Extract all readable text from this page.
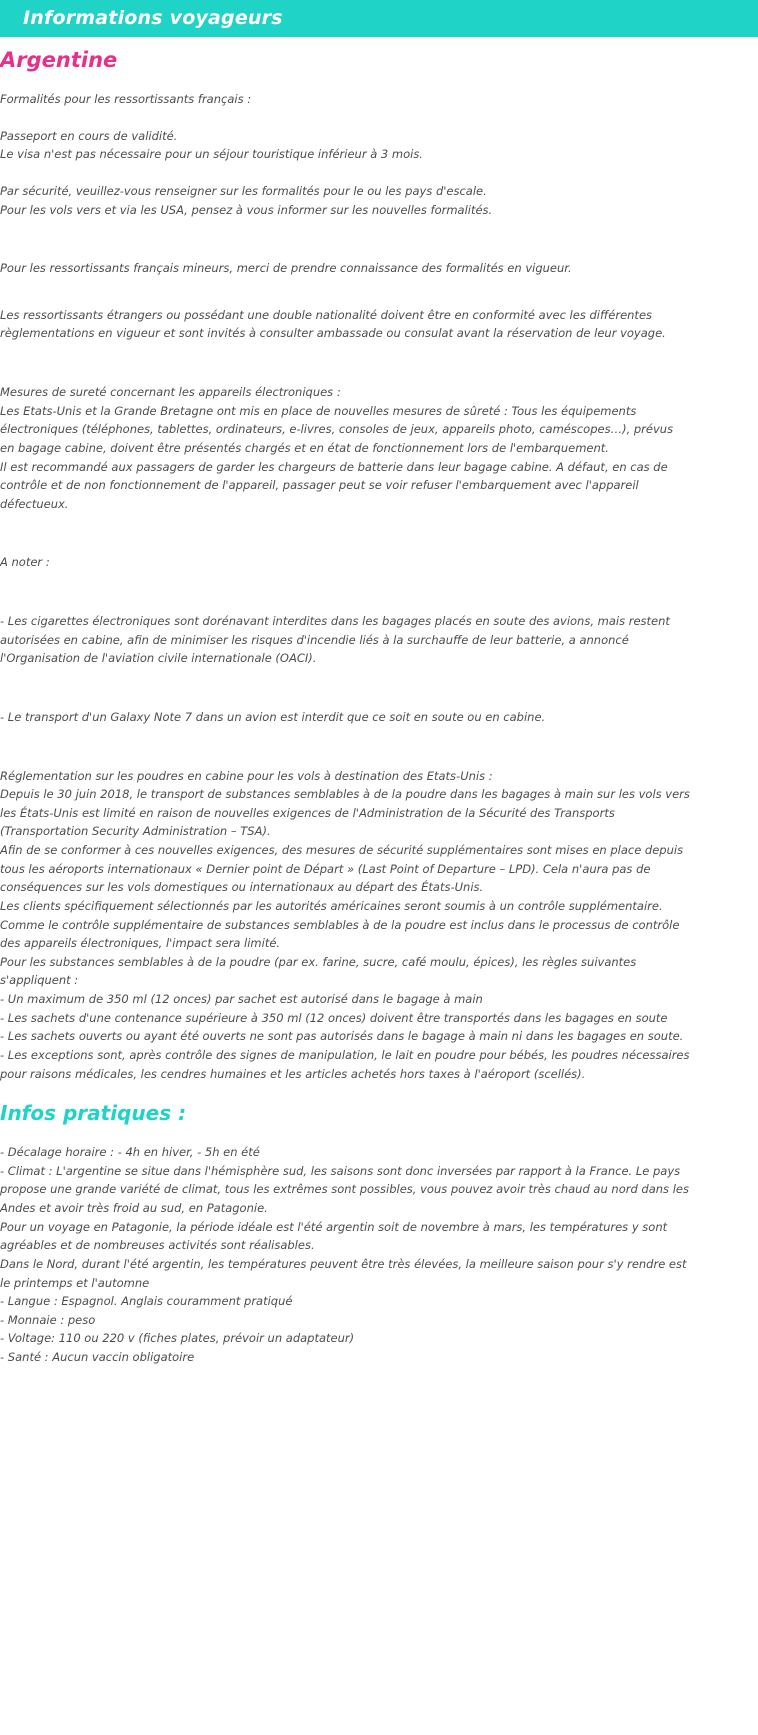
Informations voyageurs
Argentine
Formalités pour les ressortissants français :
Passeport en cours de validité.
Le visa n'est pas nécessaire pour un séjour touristique inférieur à 3 mois.
Par sécurité, veuillez-vous renseigner sur les formalités pour le ou les pays d'escale.
Pour les vols vers et via les USA, pensez à vous informer sur les nouvelles formalités.
Pour les ressortissants français mineurs, merci de prendre connaissance des formalités en vigueur.
Les ressortissants étrangers ou possédant une double nationalité doivent être en conformité avec les différentes règlementations en vigueur et sont invités à consulter ambassade ou consulat avant la réservation de leur voyage.
Mesures de sureté concernant les appareils électroniques :
Les Etats-Unis et la Grande Bretagne ont mis en place de nouvelles mesures de sûreté : Tous les équipements électroniques (téléphones, tablettes, ordinateurs, e-livres, consoles de jeux, appareils photo, caméscopes…), prévus en bagage cabine, doivent être présentés chargés et en état de fonctionnement lors de l'embarquement.
Il est recommandé aux passagers de garder les chargeurs de batterie dans leur bagage cabine. A défaut, en cas de contrôle et de non fonctionnement de l'appareil, passager peut se voir refuser l'embarquement avec l'appareil défectueux.
A noter :
- Les cigarettes électroniques sont dorénavant interdites dans les bagages placés en soute des avions, mais restent autorisées en cabine, afin de minimiser les risques d'incendie liés à la surchauffe de leur batterie, a annoncé l'Organisation de l'aviation civile internationale (OACI).
- Le transport d'un Galaxy Note 7 dans un avion est interdit que ce soit en soute ou en cabine.
Réglementation sur les poudres en cabine pour les vols à destination des Etats-Unis :
Depuis le 30 juin 2018, le transport de substances semblables à de la poudre dans les bagages à main sur les vols vers les États-Unis est limité en raison de nouvelles exigences de l'Administration de la Sécurité des Transports (Transportation Security Administration – TSA).
Afin de se conformer à ces nouvelles exigences, des mesures de sécurité supplémentaires sont mises en place depuis tous les aéroports internationaux « Dernier point de Départ » (Last Point of Departure – LPD). Cela n'aura pas de conséquences sur les vols domestiques ou internationaux au départ des États-Unis.
Les clients spécifiquement sélectionnés par les autorités américaines seront soumis à un contrôle supplémentaire.
Comme le contrôle supplémentaire de substances semblables à de la poudre est inclus dans le processus de contrôle des appareils électroniques, l'impact sera limité.
Pour les substances semblables à de la poudre (par ex. farine, sucre, café moulu, épices), les règles suivantes s'appliquent :
- Un maximum de 350 ml (12 onces) par sachet est autorisé dans le bagage à main
- Les sachets d'une contenance supérieure à 350 ml (12 onces) doivent être transportés dans les bagages en soute
- Les sachets ouverts ou ayant été ouverts ne sont pas autorisés dans le bagage à main ni dans les bagages en soute.
- Les exceptions sont, après contrôle des signes de manipulation, le lait en poudre pour bébés, les poudres nécessaires pour raisons médicales, les cendres humaines et les articles achetés hors taxes à l'aéroport (scellés).
Infos pratiques :
- Décalage horaire : - 4h en hiver, - 5h en été
- Climat : L'argentine se situe dans l'hémisphère sud, les saisons sont donc inversées par rapport à la France. Le pays propose une grande variété de climat, tous les extrêmes sont possibles, vous pouvez avoir très chaud au nord dans les Andes et avoir très froid au sud, en Patagonie.
Pour un voyage en Patagonie, la période idéale est l'été argentin soit de novembre à mars, les températures y sont agréables et de nombreuses activités sont réalisables.
Dans le Nord, durant l'été argentin, les températures peuvent être très élevées, la meilleure saison pour s'y rendre est le printemps et l'automne
- Langue : Espagnol. Anglais couramment pratiqué
- Monnaie : peso
- Voltage: 110 ou 220 v (fiches plates, prévoir un adaptateur)
- Santé : Aucun vaccin obligatoire
